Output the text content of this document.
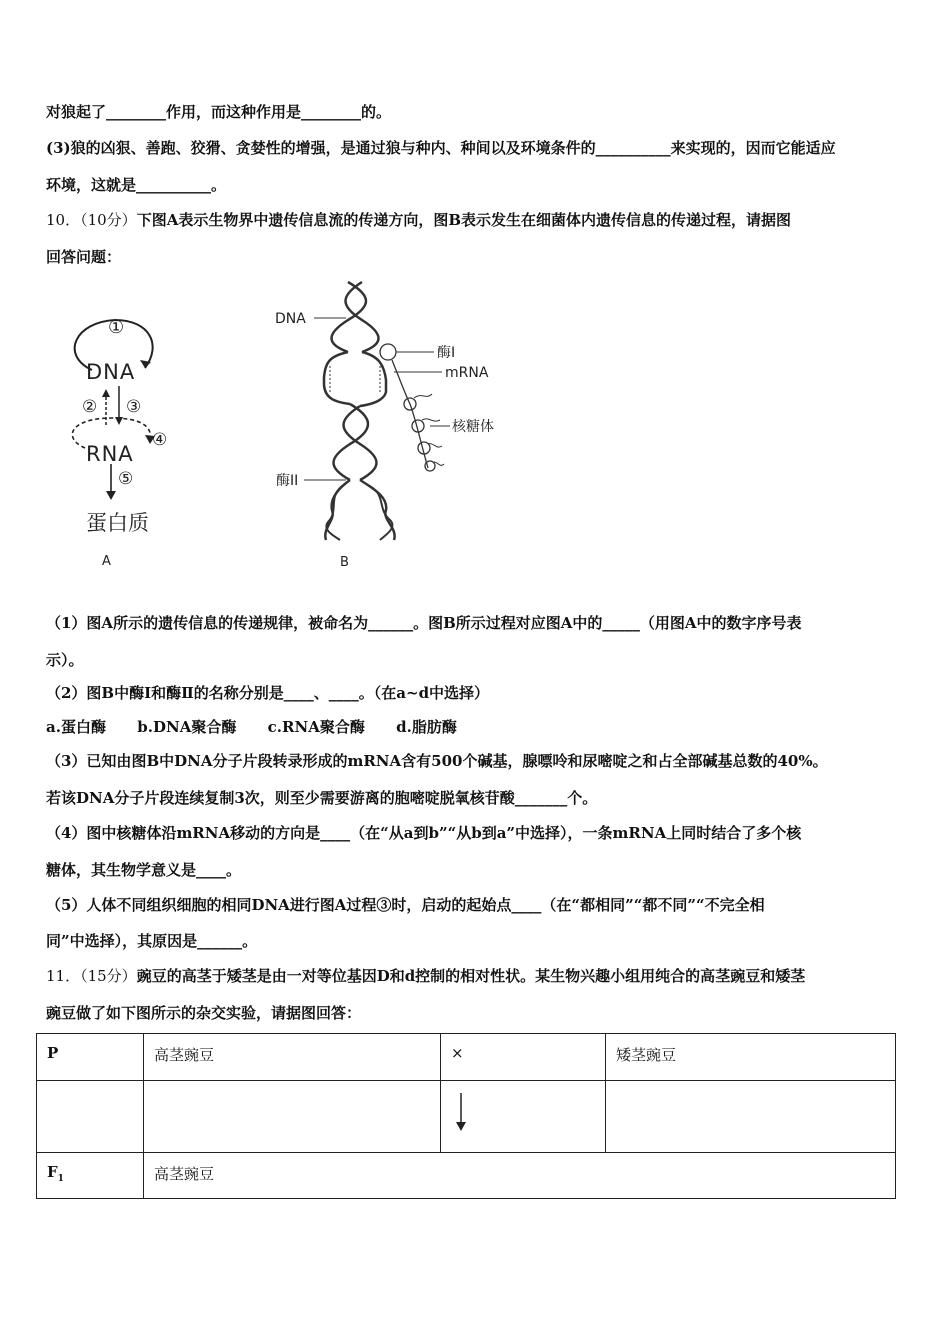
对狼起了________作用，而这种作用是________的。
(3)狼的凶狠、善跑、狡猾、贪婪性的增强，是通过狼与种内、种间以及环境条件的__________来实现的，因而它能适应
环境，这就是__________。
10．（10分）下图A表示生物界中遗传信息流的传递方向，图B表示发生在细菌体内遗传信息的传递过程，请据图
回答问题：
①
DNA
② ③
④
RNA
⑤
蛋白质
A
DNA
酶I
mRNA
核糖体
酶II
B
（1）图A所示的遗传信息的传递规律，被命名为______。图B所示过程对应图A中的_____（用图A中的数字序号表
示）。
（2）图B中酶Ⅰ和酶Ⅱ的名称分别是____、____。（在a~d中选择）
a.蛋白酶      b.DNA聚合酶      c.RNA聚合酶      d.脂肪酶
（3）已知由图B中DNA分子片段转录形成的mRNA含有500个碱基，腺嘌呤和尿嘧啶之和占全部碱基总数的40%。
若该DNA分子片段连续复制3次，则至少需要游离的胞嘧啶脱氧核苷酸_______个。
（4）图中核糖体沿mRNA移动的方向是____（在“从a到b”“从b到a”中选择），一条mRNA上同时结合了多个核
糖体，其生物学意义是____。
（5）人体不同组织细胞的相同DNA进行图A过程③时，启动的起始点____（在“都相同”“都不同”“不完全相
同”中选择），其原因是______。
11．（15分）豌豆的高茎于矮茎是由一对等位基因D和d控制的相对性状。某生物兴趣小组用纯合的高茎豌豆和矮茎
豌豆做了如下图所示的杂交实验，请据图回答：
P	高茎豌豆	×	矮茎豌豆

$F_1$	高茎豌豆		
